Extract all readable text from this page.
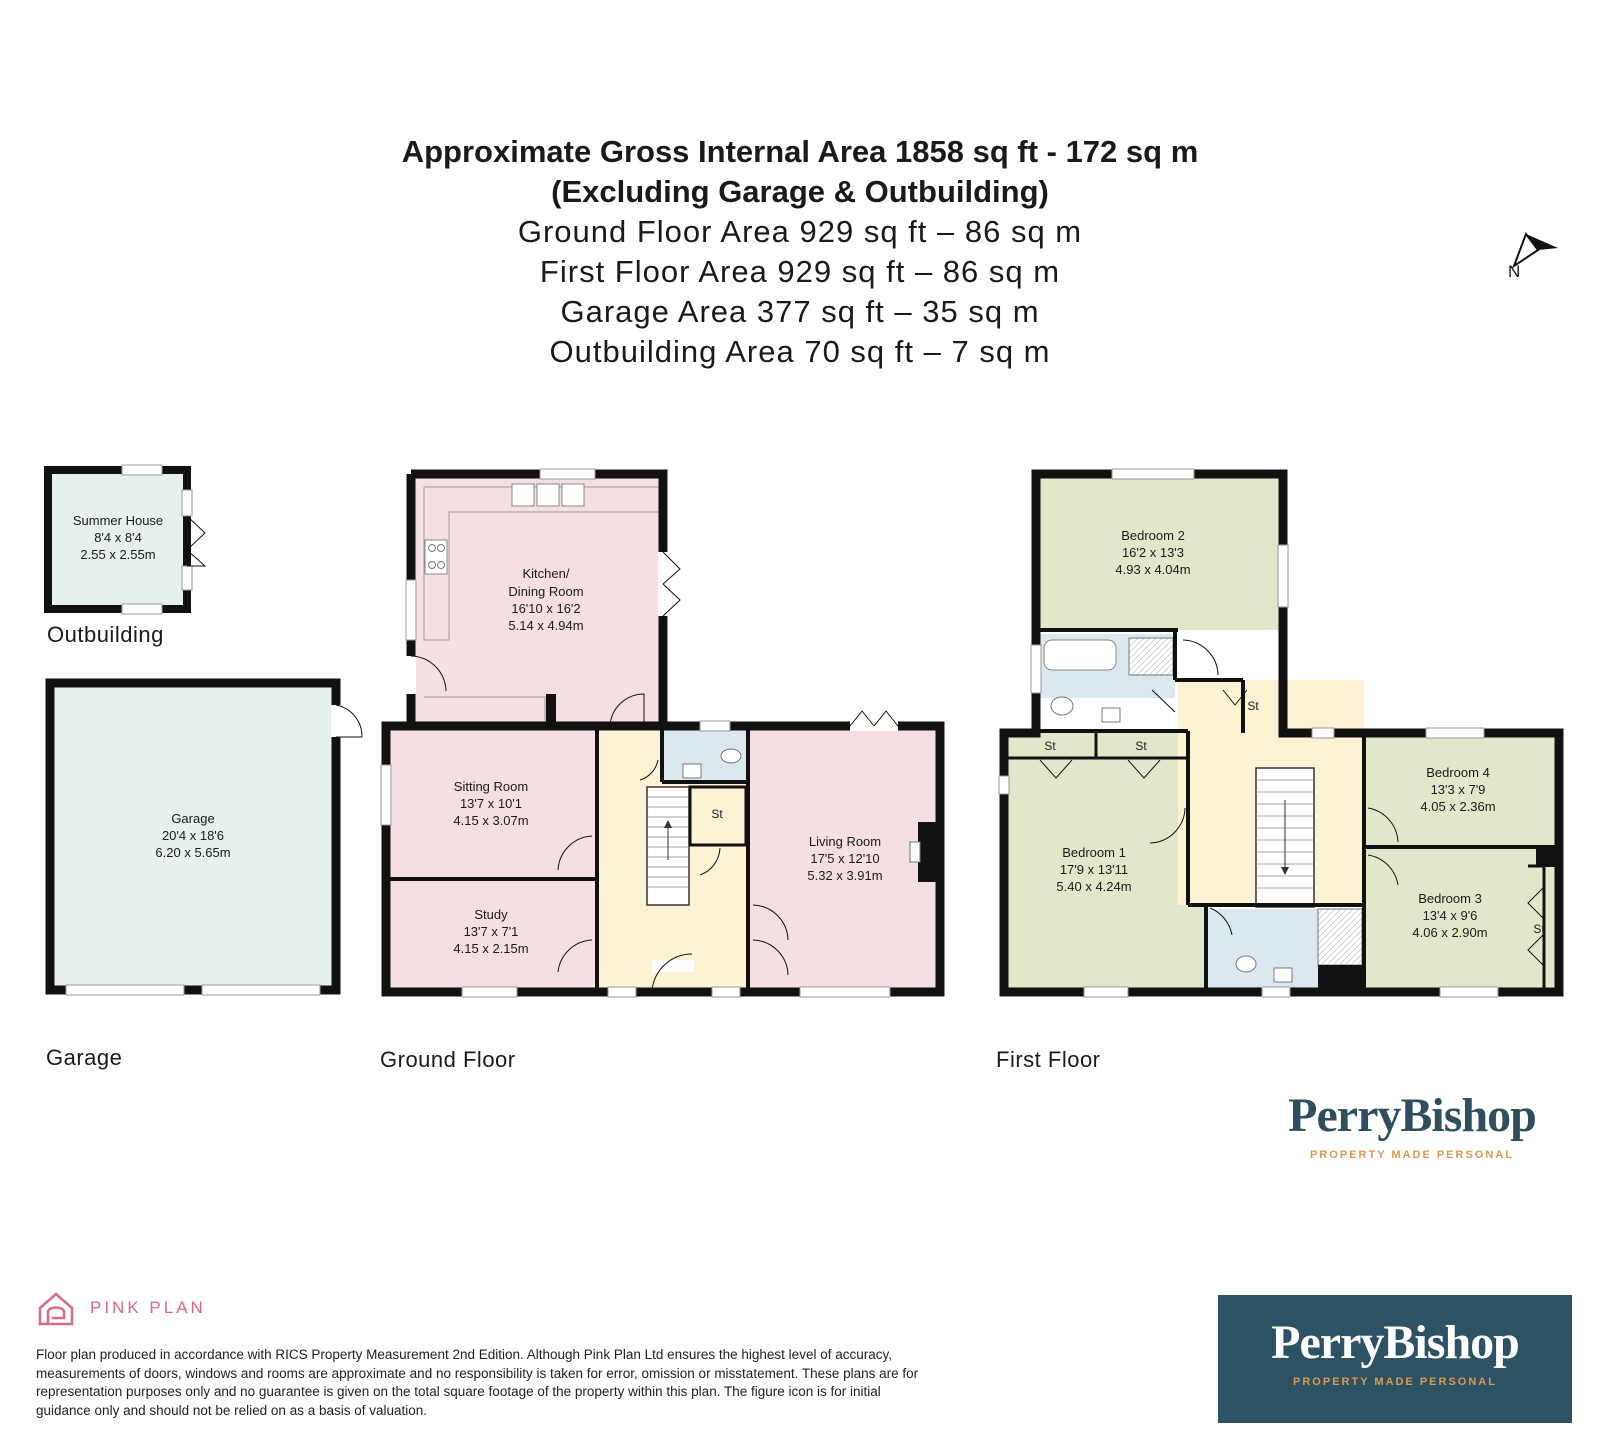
Approximate Gross Internal Area 1858 sq ft - 172 sq m
(Excluding Garage & Outbuilding)
Ground Floor Area 929 sq ft – 86 sq m
First Floor Area 929 sq ft – 86 sq m
Garage Area 377 sq ft – 35 sq m
Outbuilding Area 70 sq ft – 7 sq m
N
Summer House
8'4 x 8'4
2.55 x 2.55m
Garage
20'4 x 18'6
6.20 x 5.65m
St
Kitchen/
Dining Room
16'10 x 16'2
5.14 x 4.94m
Sitting Room
13'7 x 10'1
4.15 x 3.07m
Study
13'7 x 7'1
4.15 x 2.15m
Living Room
17'5 x 12'10
5.32 x 3.91m
St
St	St
St
Bedroom 2
16'2 x 13'3
4.93 x 4.04m
Bedroom 1
17'9 x 13'11
5.40 x 4.24m
Bedroom 4
13'3 x 7'9
4.05 x 2.36m
Bedroom 3
13'4 x 9'6
4.06 x 2.90m
Outbuilding
Garage	Ground Floor	First Floor
PerryBishop
PROPERTY MADE PERSONAL
PINK PLAN
Floor plan produced in accordance with RICS Property Measurement 2nd Edition. Although Pink Plan Ltd ensures the highest level of accuracy, measurements of doors, windows and rooms are approximate and no responsibility is taken for error, omission or misstatement. These plans are for representation purposes only and no guarantee is given on the total square footage of the property within this plan. The figure icon is for initial guidance only and should not be relied on as a basis of valuation.
PerryBishop
PROPERTY MADE PERSONAL
